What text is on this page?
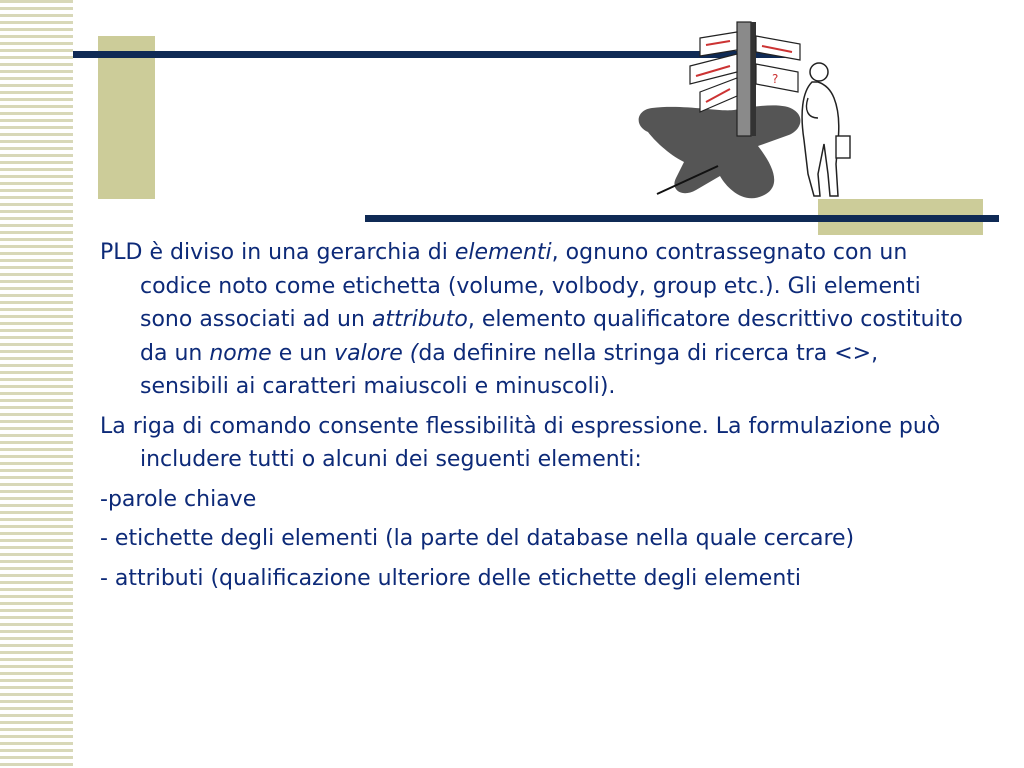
?

PLD è diviso in una gerarchia di elementi, ognuno contrassegnato con un codice noto come etichetta (volume, volbody, group etc.). Gli elementi sono associati ad un attributo, elemento qualificatore descrittivo costituito da un nome e un valore (da definire nella stringa di ricerca tra <>, sensibili ai caratteri maiuscoli e minuscoli).

La riga di comando consente flessibilità di espressione. La formulazione può includere tutti o alcuni dei seguenti elementi:

-parole chiave

- etichette degli elementi (la parte del database nella quale cercare)

- attributi (qualificazione ulteriore delle etichette degli elementi
